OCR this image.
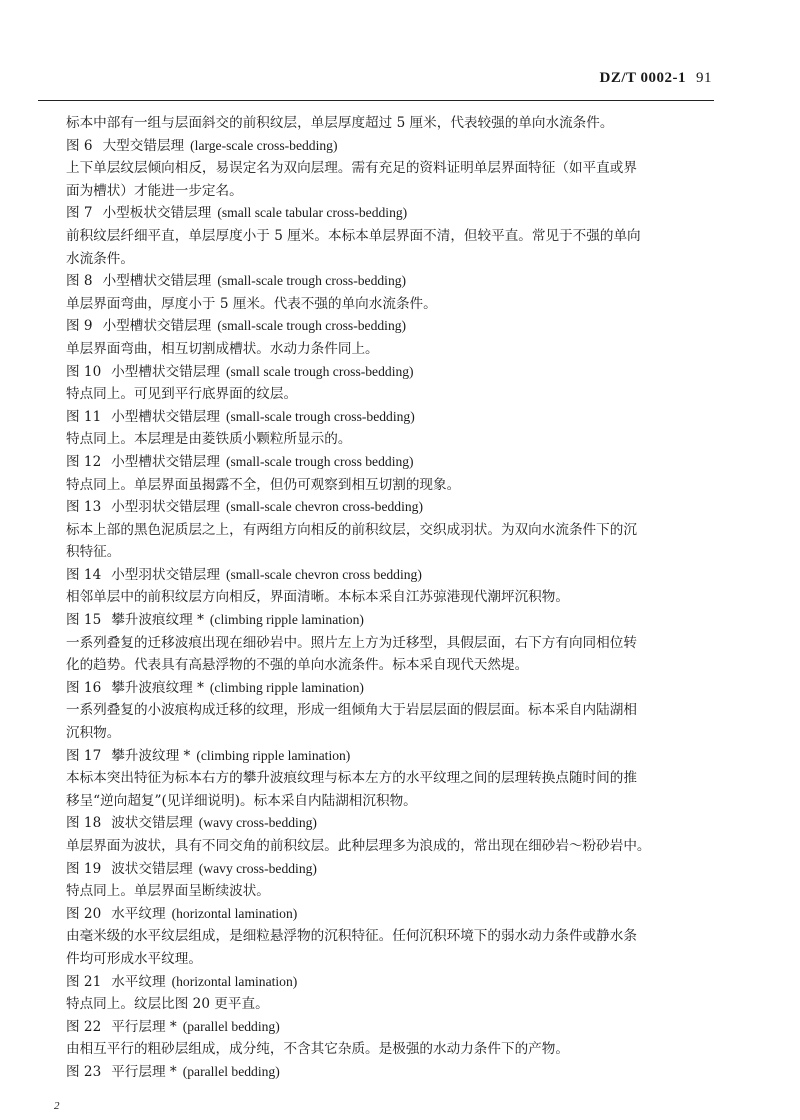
DZ/T 0002-1 91

标本中部有一组与层面斜交的前积纹层，单层厚度超过 5 厘米，代表较强的单向水流条件。

图 6 大型交错层理 (large-scale cross-bedding)

上下单层纹层倾向相反，易误定名为双向层理。需有充足的资料证明单层界面特征（如平直或界

面为槽状）才能进一步定名。

图 7 小型板状交错层理 (small scale tabular cross-bedding)

前积纹层纤细平直，单层厚度小于 5 厘米。本标本单层界面不清，但较平直。常见于不强的单向

水流条件。

图 8 小型槽状交错层理 (small-scale trough cross-bedding)

单层界面弯曲，厚度小于 5 厘米。代表不强的单向水流条件。

图 9 小型槽状交错层理 (small-scale trough cross-bedding)

单层界面弯曲，相互切割成槽状。水动力条件同上。

图 10 小型槽状交错层理 (small scale trough cross-bedding)

特点同上。可见到平行底界面的纹层。

图 11 小型槽状交错层理 (small-scale trough cross-bedding)

特点同上。本层理是由菱铁质小颗粒所显示的。

图 12 小型槽状交错层理 (small-scale trough cross bedding)

特点同上。单层界面虽揭露不全，但仍可观察到相互切割的现象。

图 13 小型羽状交错层理 (small-scale chevron cross-bedding)

标本上部的黑色泥质层之上，有两组方向相反的前积纹层，交织成羽状。为双向水流条件下的沉

积特征。

图 14 小型羽状交错层理 (small-scale chevron cross bedding)

相邻单层中的前积纹层方向相反，界面清晰。本标本采自江苏弶港现代潮坪沉积物。

图 15 攀升波痕纹理 * (climbing ripple lamination)

一系列叠复的迁移波痕出现在细砂岩中。照片左上方为迁移型，具假层面，右下方有向同相位转

化的趋势。代表具有高悬浮物的不强的单向水流条件。标本采自现代天然堤。

图 16 攀升波痕纹理 * (climbing ripple lamination)

一系列叠复的小波痕构成迁移的纹理，形成一组倾角大于岩层层面的假层面。标本采自内陆湖相

沉积物。

图 17 攀升波纹理 * (climbing ripple lamination)

本标本突出特征为标本右方的攀升波痕纹理与标本左方的水平纹理之间的层理转换点随时间的推

移呈“逆向超复”(见详细说明)。标本采自内陆湖相沉积物。

图 18 波状交错层理 (wavy cross-bedding)

单层界面为波状，具有不同交角的前积纹层。此种层理多为浪成的，常出现在细砂岩～粉砂岩中。

图 19 波状交错层理 (wavy cross-bedding)

特点同上。单层界面呈断续波状。

图 20 水平纹理 (horizontal lamination)

由毫米级的水平纹层组成，是细粒悬浮物的沉积特征。任何沉积环境下的弱水动力条件或静水条

件均可形成水平纹理。

图 21 水平纹理 (horizontal lamination)

特点同上。纹层比图 20 更平直。

图 22 平行层理 * (parallel bedding)

由相互平行的粗砂层组成，成分纯，不含其它杂质。是极强的水动力条件下的产物。

图 23 平行层理 * (parallel bedding)

2
